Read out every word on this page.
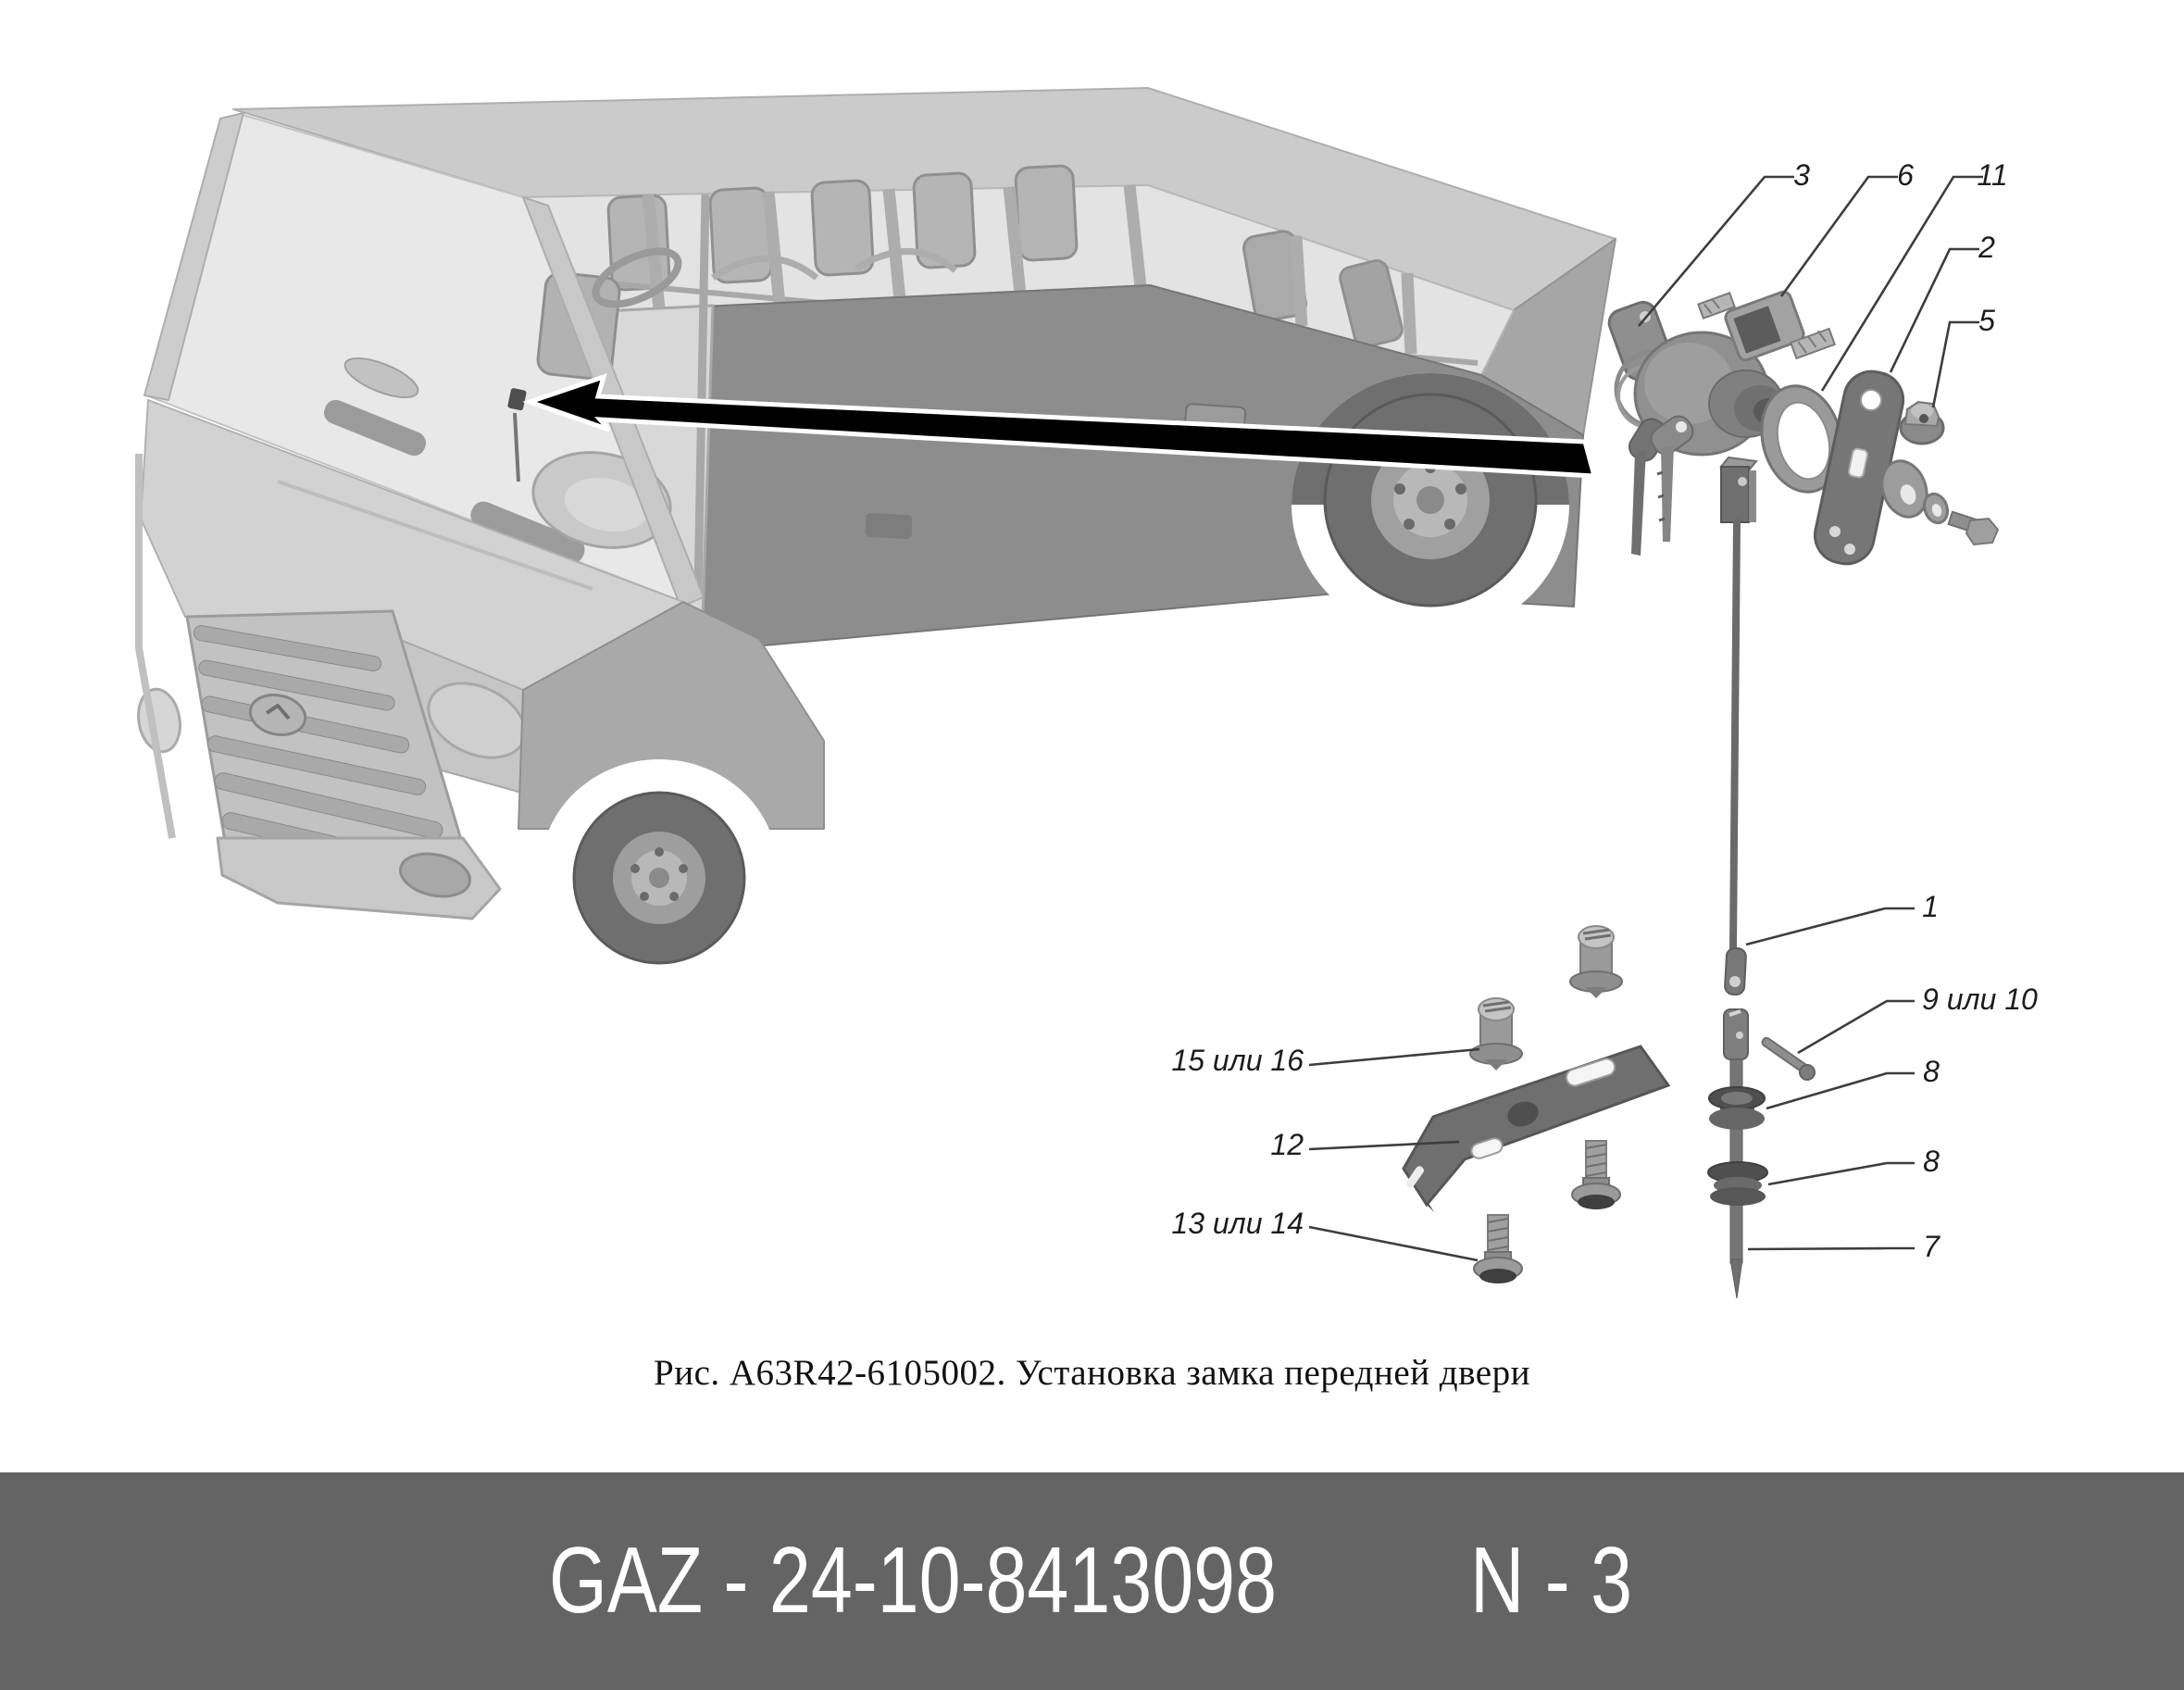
3	6 11
2
5
1
9 или 10
8
8
7
15 или 16
12
13 или 14
Рис. А63R42-6105002. Установка замка передней двери
GAZ - 24-10-8413098 N - 3
